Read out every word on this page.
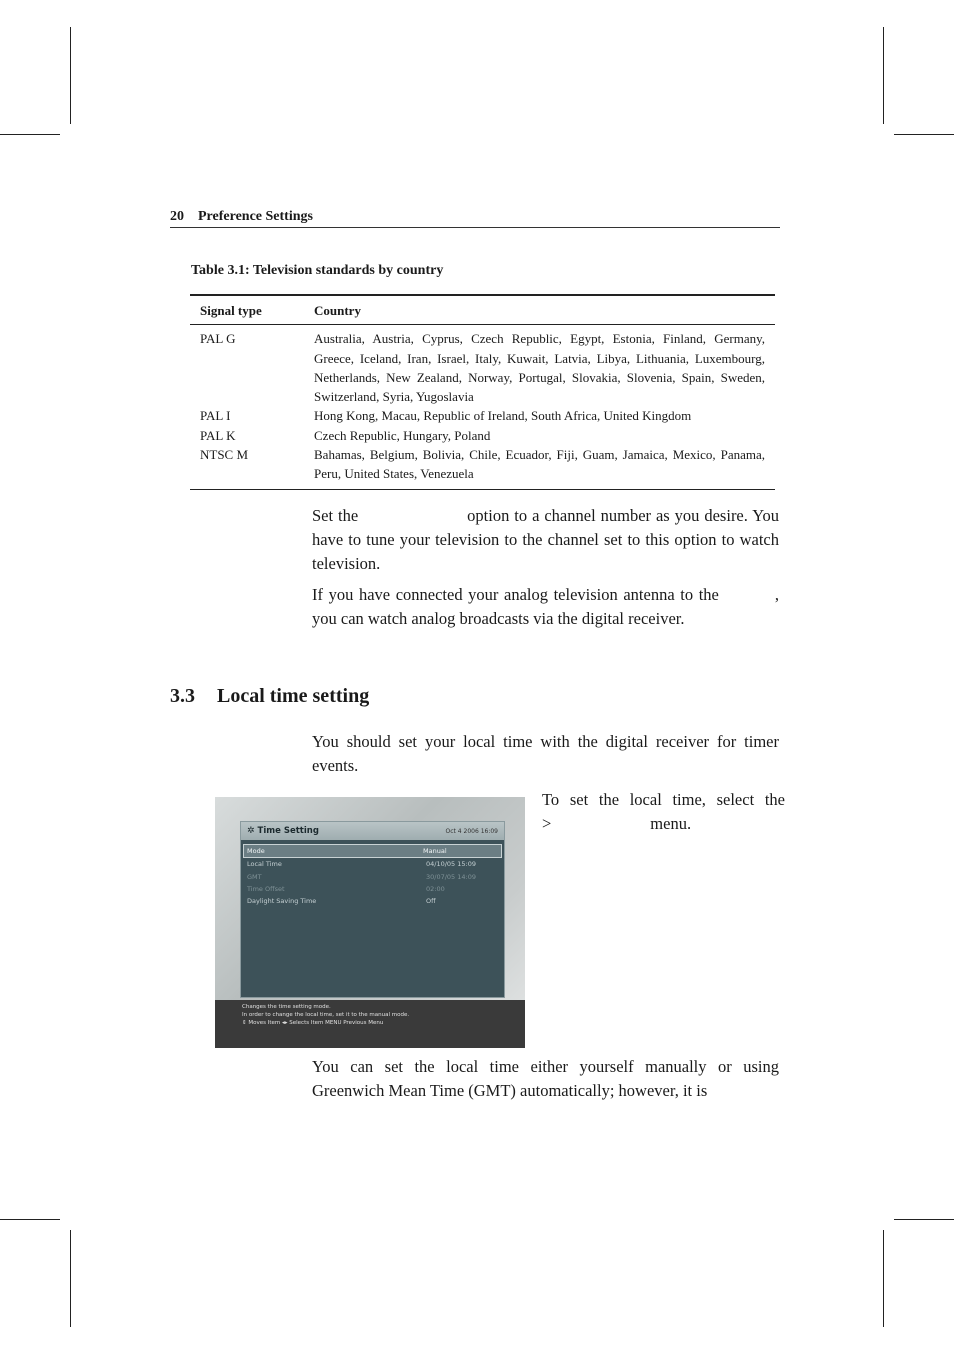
20 Preference Settings
Table 3.1: Television standards by country
Signal type	Country
PAL G	Australia, Austria, Cyprus, Czech Republic, Egypt, Estonia, Finland, Germany, Greece, Iceland, Iran, Israel, Italy, Kuwait, Latvia, Libya, Lithuania, Luxembourg, Netherlands, New Zealand, Norway, Portugal, Slovakia, Slovenia, Spain, Sweden, Switzerland, Syria, Yugoslavia
PAL I	Hong Kong, Macau, Republic of Ireland, South Africa, United Kingdom
PAL K	Czech Republic, Hungary, Poland
NTSC M	Bahamas, Belgium, Bolivia, Chile, Ecuador, Fiji, Guam, Jamaica, Mexico, Panama, Peru, United States, Venezuela

Set the                      option to a channel number as you desire. You have to tune your television to the channel set to this option to watch television.

If you have connected your analog television antenna to the          , you can watch analog broadcasts via the digital receiver.

3.3 Local time setting

You should set your local time with the digital receiver for timer events.

✲ Time Setting	Oct 4 2006 16:09
Mode	Manual
Local Time	04/10/05 15:09
GMT	30/07/05 14:09
Time Offset	02:00
Daylight Saving Time	Off
Changes the time setting mode.
In order to change the local time, set it to the manual mode.
⇕ Moves Item ◂▸ Selects Item MENU Previous Menu

To set the local time, select the                                  >                        menu.

You can set the local time either yourself manually or using Greenwich Mean Time (GMT) automatically; however, it is
